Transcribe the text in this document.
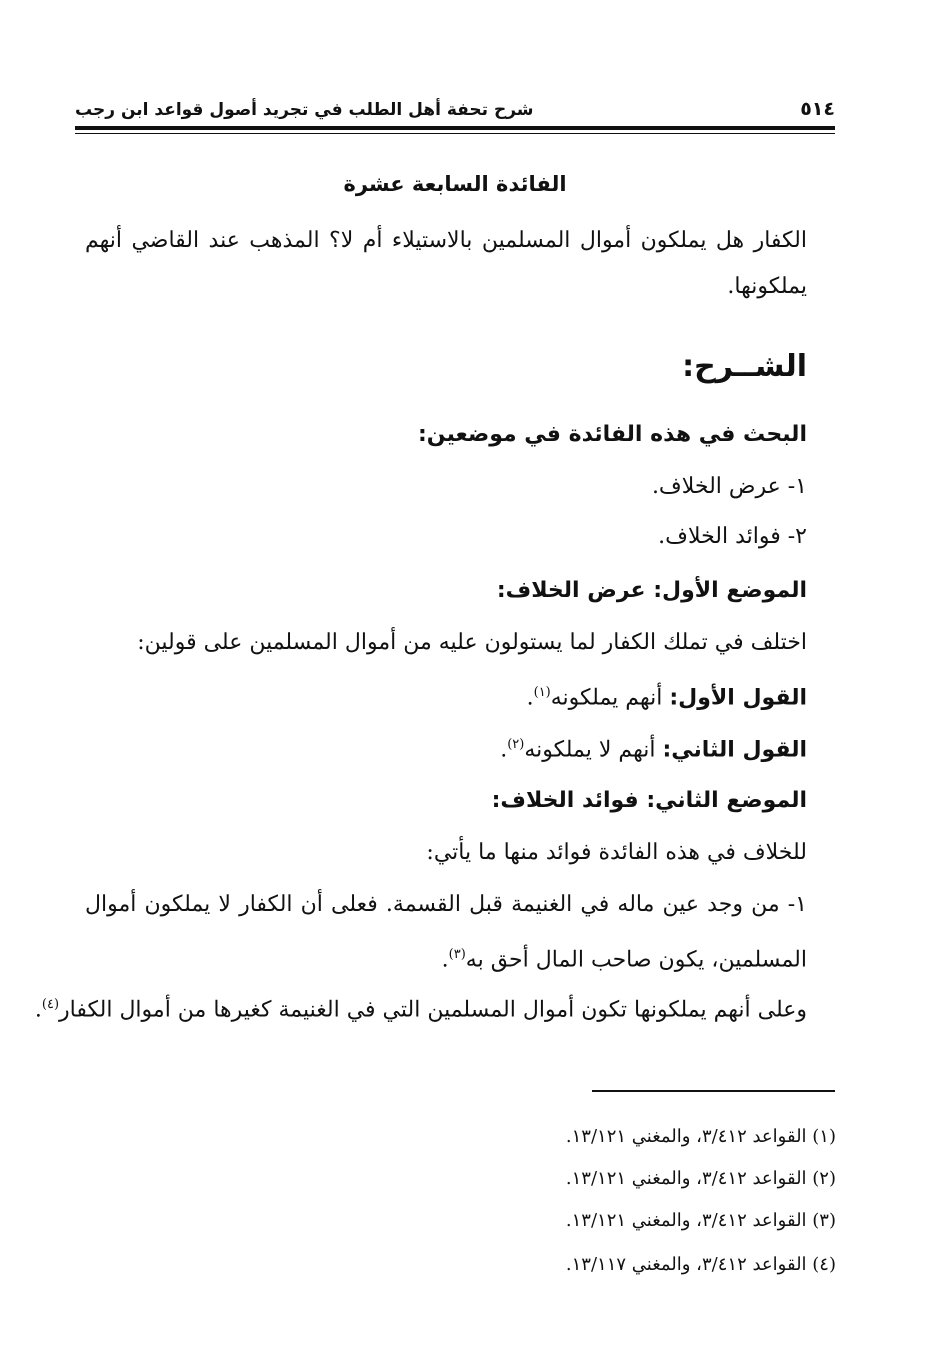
٥١٤
شرح تحفة أهل الطلب في تجريد أصول قواعد ابن رجب
الفائدة السابعة عشرة
الكفار هل يملكون أموال المسلمين بالاستيلاء أم لا؟ المذهب عند القاضي أنهم
يملكونها.
الشــرح:
البحث في هذه الفائدة في موضعين:
١- عرض الخلاف.
٢- فوائد الخلاف.
الموضع الأول: عرض الخلاف:
اختلف في تملك الكفار لما يستولون عليه من أموال المسلمين على قولين:
القول الأول: أنهم يملكونه$^{(١)}$.
القول الثاني: أنهم لا يملكونه$^{(٢)}$.
الموضع الثاني: فوائد الخلاف:
للخلاف في هذه الفائدة فوائد منها ما يأتي:
١- من وجد عين ماله في الغنيمة قبل القسمة. فعلى أن الكفار لا يملكون أموال
المسلمين، يكون صاحب المال أحق به$^{(٣)}$.
وعلى أنهم يملكونها تكون أموال المسلمين التي في الغنيمة كغيرها من أموال الكفار$^{(٤)}$.
(١) القواعد ٣/٤١٢، والمغني ١٣/١٢١.
(٢) القواعد ٣/٤١٢، والمغني ١٣/١٢١.
(٣) القواعد ٣/٤١٢، والمغني ١٣/١٢١.
(٤) القواعد ٣/٤١٢، والمغني ١٣/١١٧.
